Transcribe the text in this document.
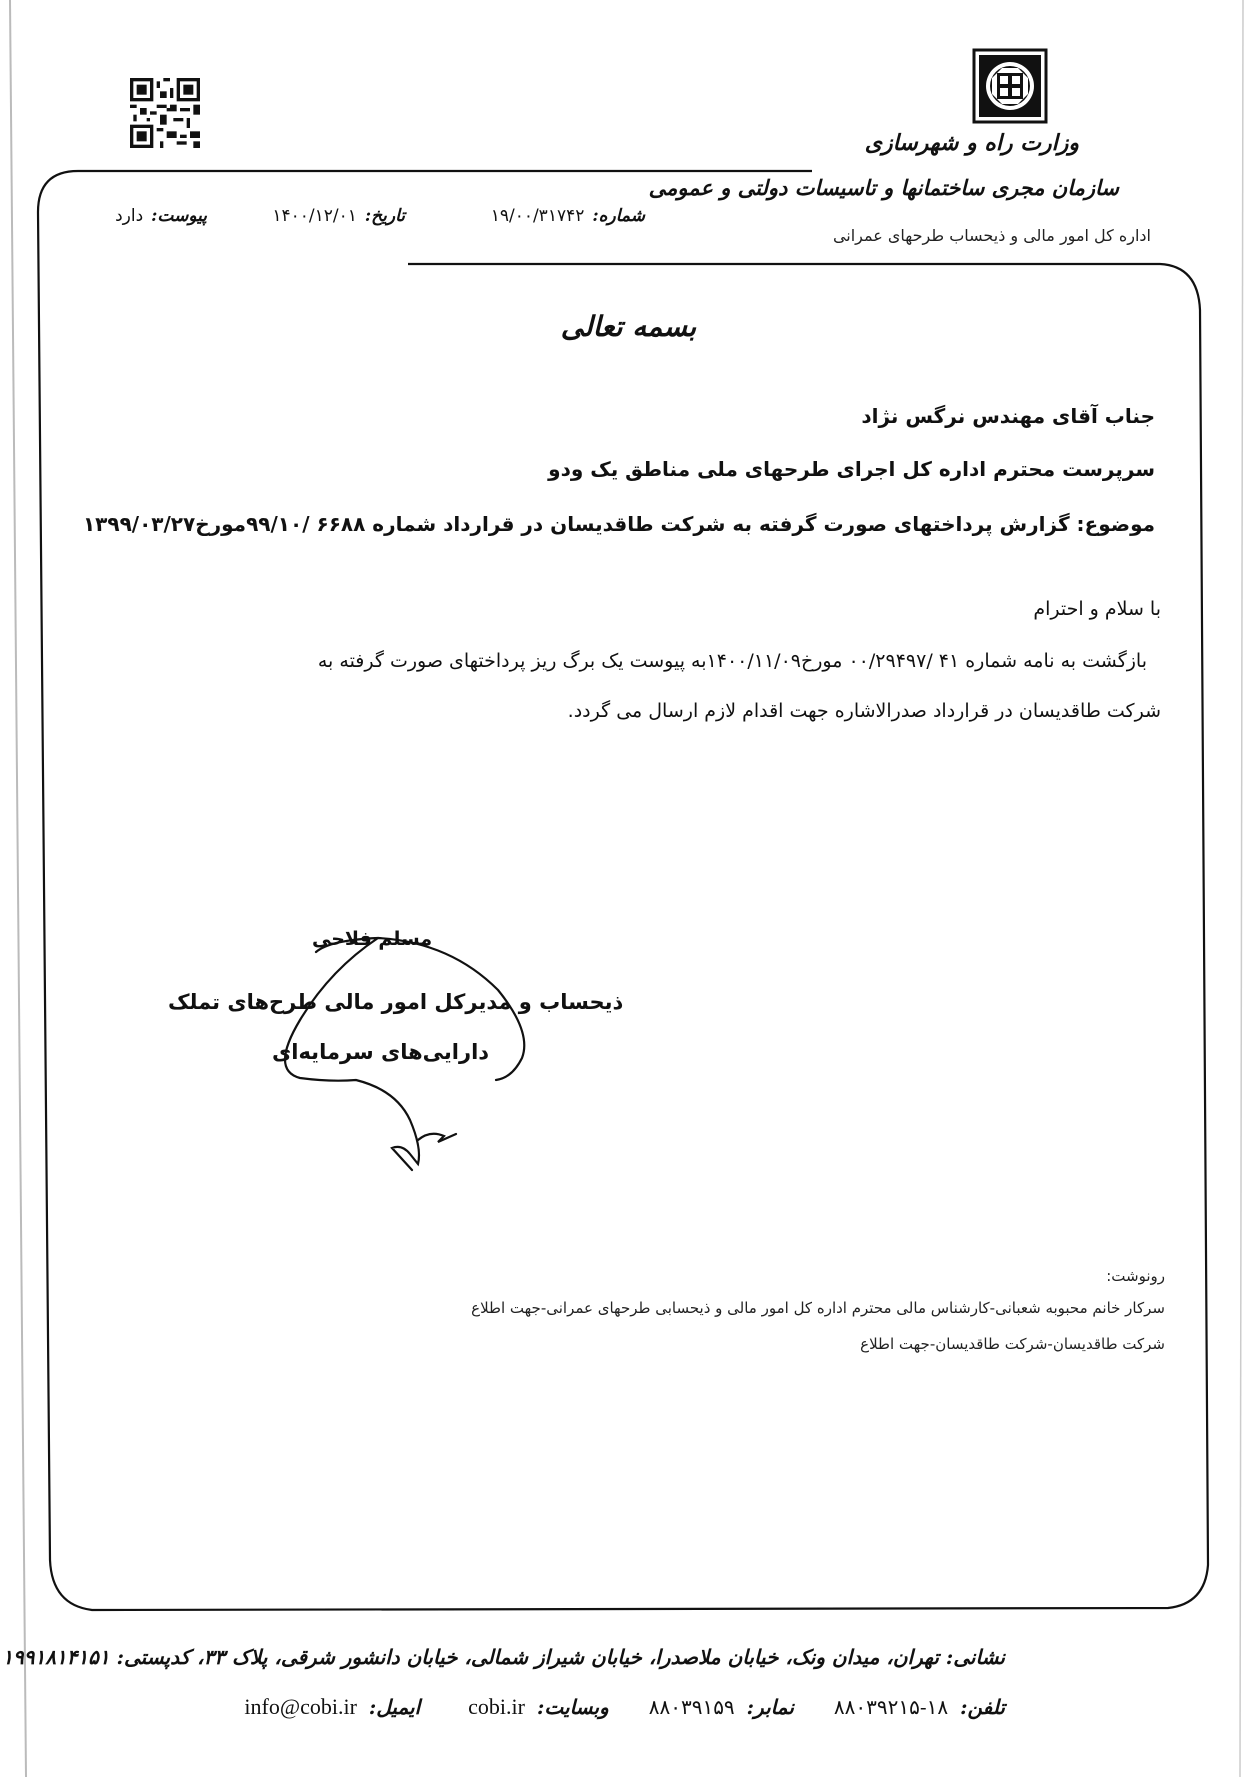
وزارت راه و شهرسازی
سازمان مجری ساختمانها و تاسیسات دولتی و عمومی
اداره کل امور مالی و ذیحساب طرحهای عمرانی
شماره:
۱۹/۰۰/۳۱۷۴۲
تاریخ:
۱۴۰۰/۱۲/۰۱
پیوست:
دارد
بسمه تعالی
جناب آقای مهندس نرگس نژاد
سرپرست محترم اداره کل اجرای طرحهای ملی مناطق یک ودو
موضوع: گزارش پرداختهای صورت گرفته به شرکت طاقدیسان در قرارداد شماره ۶۶۸۸ /۹۹/۱۰مورخ۱۳۹۹/۰۳/۲۷
با سلام و احترام
بازگشت به نامه شماره ۴۱ /۰۰/۲۹۴۹۷ مورخ۱۴۰۰/۱۱/۰۹به پیوست یک برگ ریز پرداختهای صورت گرفته به
شرکت طاقدیسان در قرارداد صدرالاشاره جهت اقدام لازم ارسال می گردد.
مسلم فلاحی
ذیحساب و مدیرکل امور مالی طرح‌های تملک
دارایی‌های سرمایه‌ای
رونوشت:
سرکار خانم محبوبه شعبانی-کارشناس مالی محترم اداره کل امور مالی و ذیحسابی طرحهای عمرانی-جهت اطلاع
شرکت طاقدیسان-شرکت طاقدیسان-جهت اطلاع
نشانی: تهران، میدان ونک، خیابان ملاصدرا، خیابان شیراز شمالی، خیابان دانشور شرقی، پلاک ۳۳، کدپستی: ۱۹۹۱۸۱۴۱۵۱
تلفن:
۸۸۰۳۹۲۱۵-۱۸
نمابر:
۸۸۰۳۹۱۵۹
وبسایت:
cobi.ir
ایمیل:
info@cobi.ir
